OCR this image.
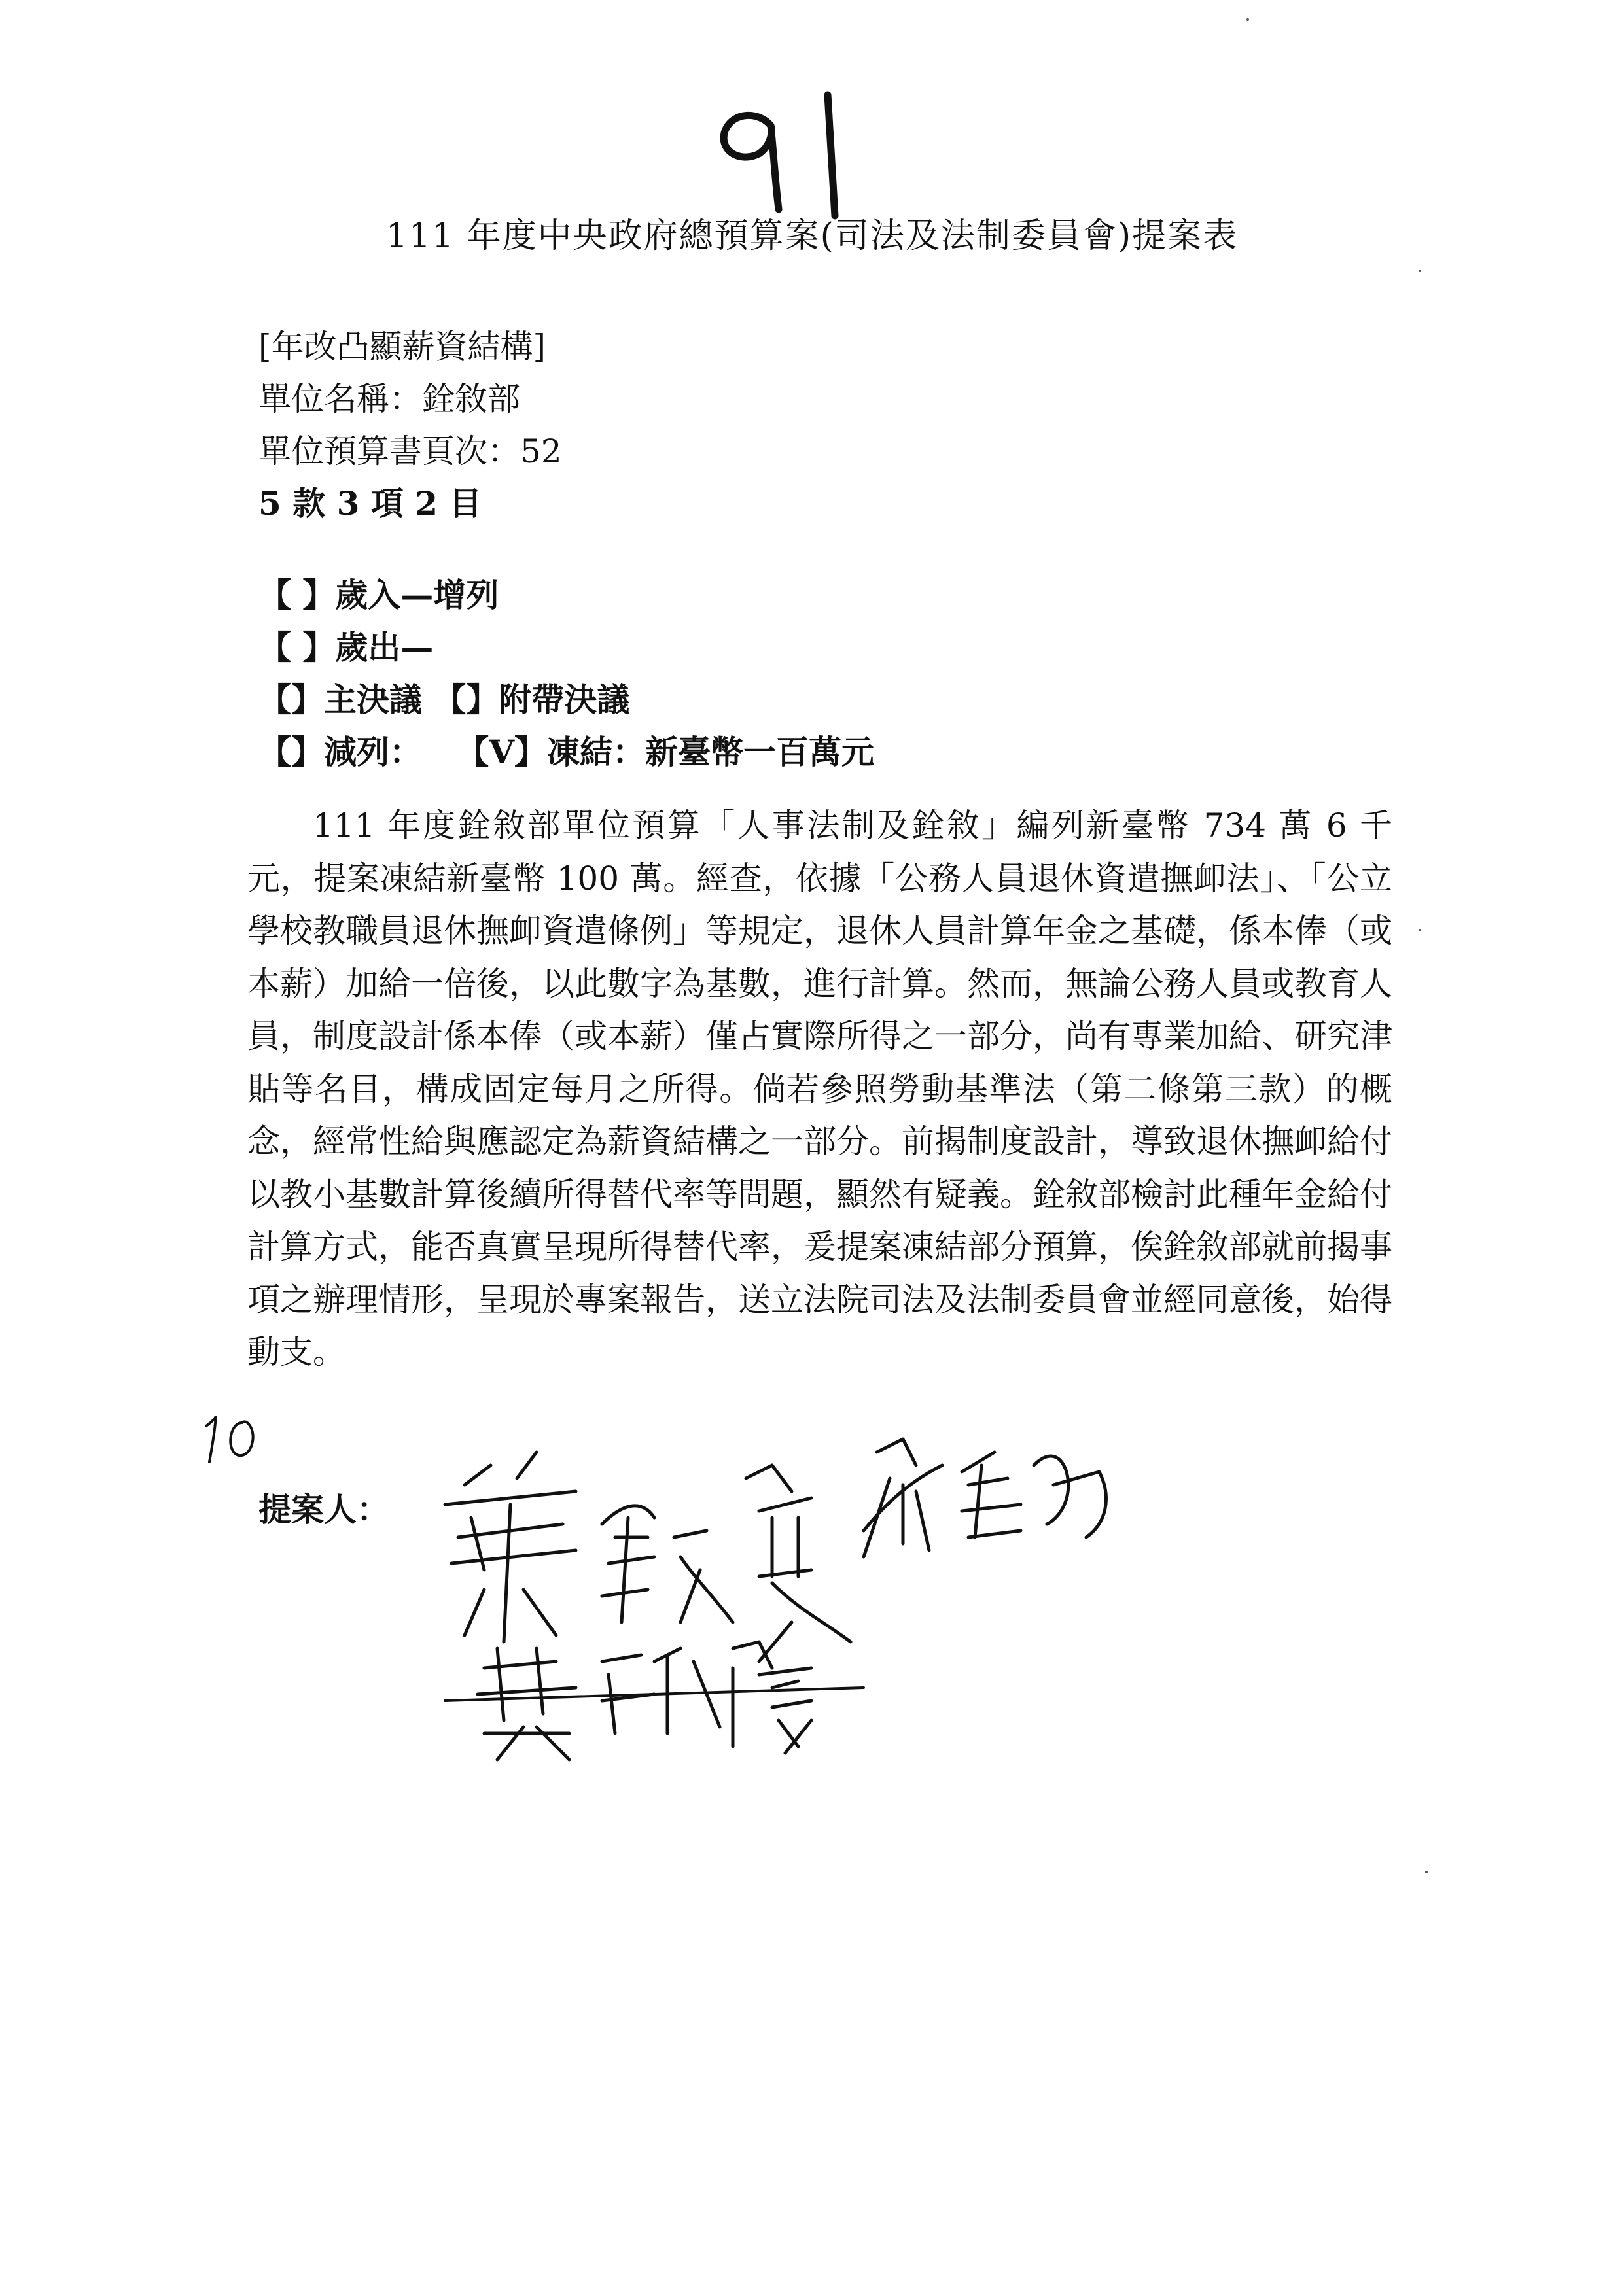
111 年度中央政府總預算案(司法及法制委員會)提案表
[年改凸顯薪資結構]
單位名稱：銓敘部
單位預算書頁次：52
5 款 3 項 2 目
【 】歲入—增列
【 】歲出—
【】主決議 【】附帶決議
【】減列：   【V】凍結：新臺幣一百萬元
111 年度銓敘部單位預算「人事法制及銓敘」編列新臺幣 734 萬 6 千元，提案凍結新臺幣 100 萬。經查，依據「公務人員退休資遣撫卹法」、「公立學校教職員退休撫卹資遣條例」等規定，退休人員計算年金之基礎，係本俸（或本薪）加給一倍後，以此數字為基數，進行計算。然而，無論公務人員或教育人員，制度設計係本俸（或本薪）僅占實際所得之一部分，尚有專業加給、研究津貼等名目，構成固定每月之所得。倘若參照勞動基準法（第二條第三款）的概念，經常性給與應認定為薪資結構之一部分。前揭制度設計，導致退休撫卹給付以教小基數計算後續所得替代率等問題，顯然有疑義。銓敘部檢討此種年金給付計算方式，能否真實呈現所得替代率，爰提案凍結部分預算，俟銓敘部就前揭事項之辦理情形，呈現於專案報告，送立法院司法及法制委員會並經同意後，始得動支。
提案人：
